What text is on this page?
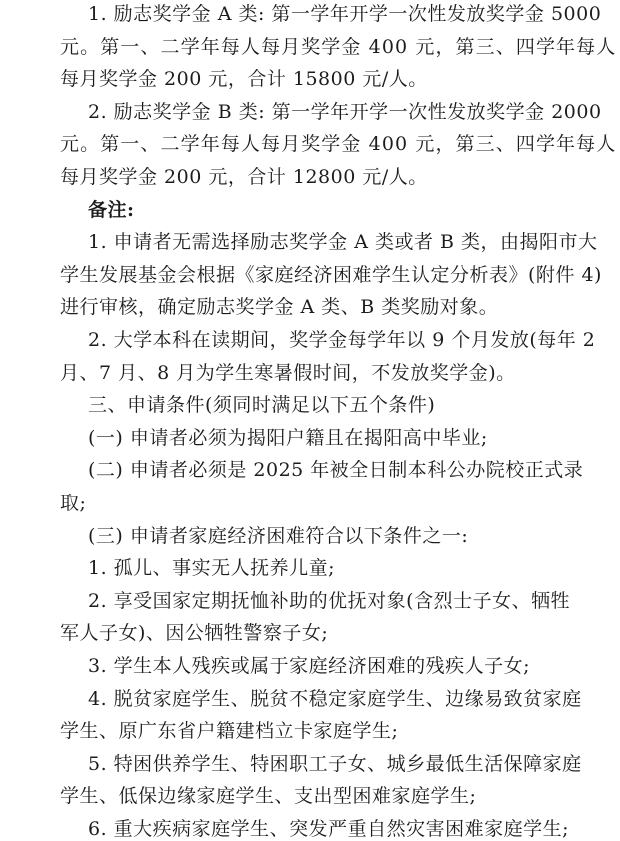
1. 励志奖学金 A 类: 第一学年开学一次性发放奖学金 5000
元。第一、二学年每人每月奖学金 400 元，第三、四学年每人
每月奖学金 200 元，合计 15800 元/人。
2. 励志奖学金 B 类: 第一学年开学一次性发放奖学金 2000
元。第一、二学年每人每月奖学金 400 元，第三、四学年每人
每月奖学金 200 元，合计 12800 元/人。
备注:
1. 申请者无需选择励志奖学金 A 类或者 B 类，由揭阳市大
学生发展基金会根据《家庭经济困难学生认定分析表》(附件 4)
进行审核，确定励志奖学金 A 类、B 类奖励对象。
2. 大学本科在读期间，奖学金每学年以 9 个月发放(每年 2
月、7 月、8 月为学生寒暑假时间，不发放奖学金)。
三、申请条件(须同时满足以下五个条件)
(一) 申请者必须为揭阳户籍且在揭阳高中毕业;
(二) 申请者必须是 2025 年被全日制本科公办院校正式录
取;
(三) 申请者家庭经济困难符合以下条件之一:
1. 孤儿、事实无人抚养儿童;
2. 享受国家定期抚恤补助的优抚对象(含烈士子女、牺牲
军人子女)、因公牺牲警察子女;
3. 学生本人残疾或属于家庭经济困难的残疾人子女;
4. 脱贫家庭学生、脱贫不稳定家庭学生、边缘易致贫家庭
学生、原广东省户籍建档立卡家庭学生;
5. 特困供养学生、特困职工子女、城乡最低生活保障家庭
学生、低保边缘家庭学生、支出型困难家庭学生;
6. 重大疾病家庭学生、突发严重自然灾害困难家庭学生;
